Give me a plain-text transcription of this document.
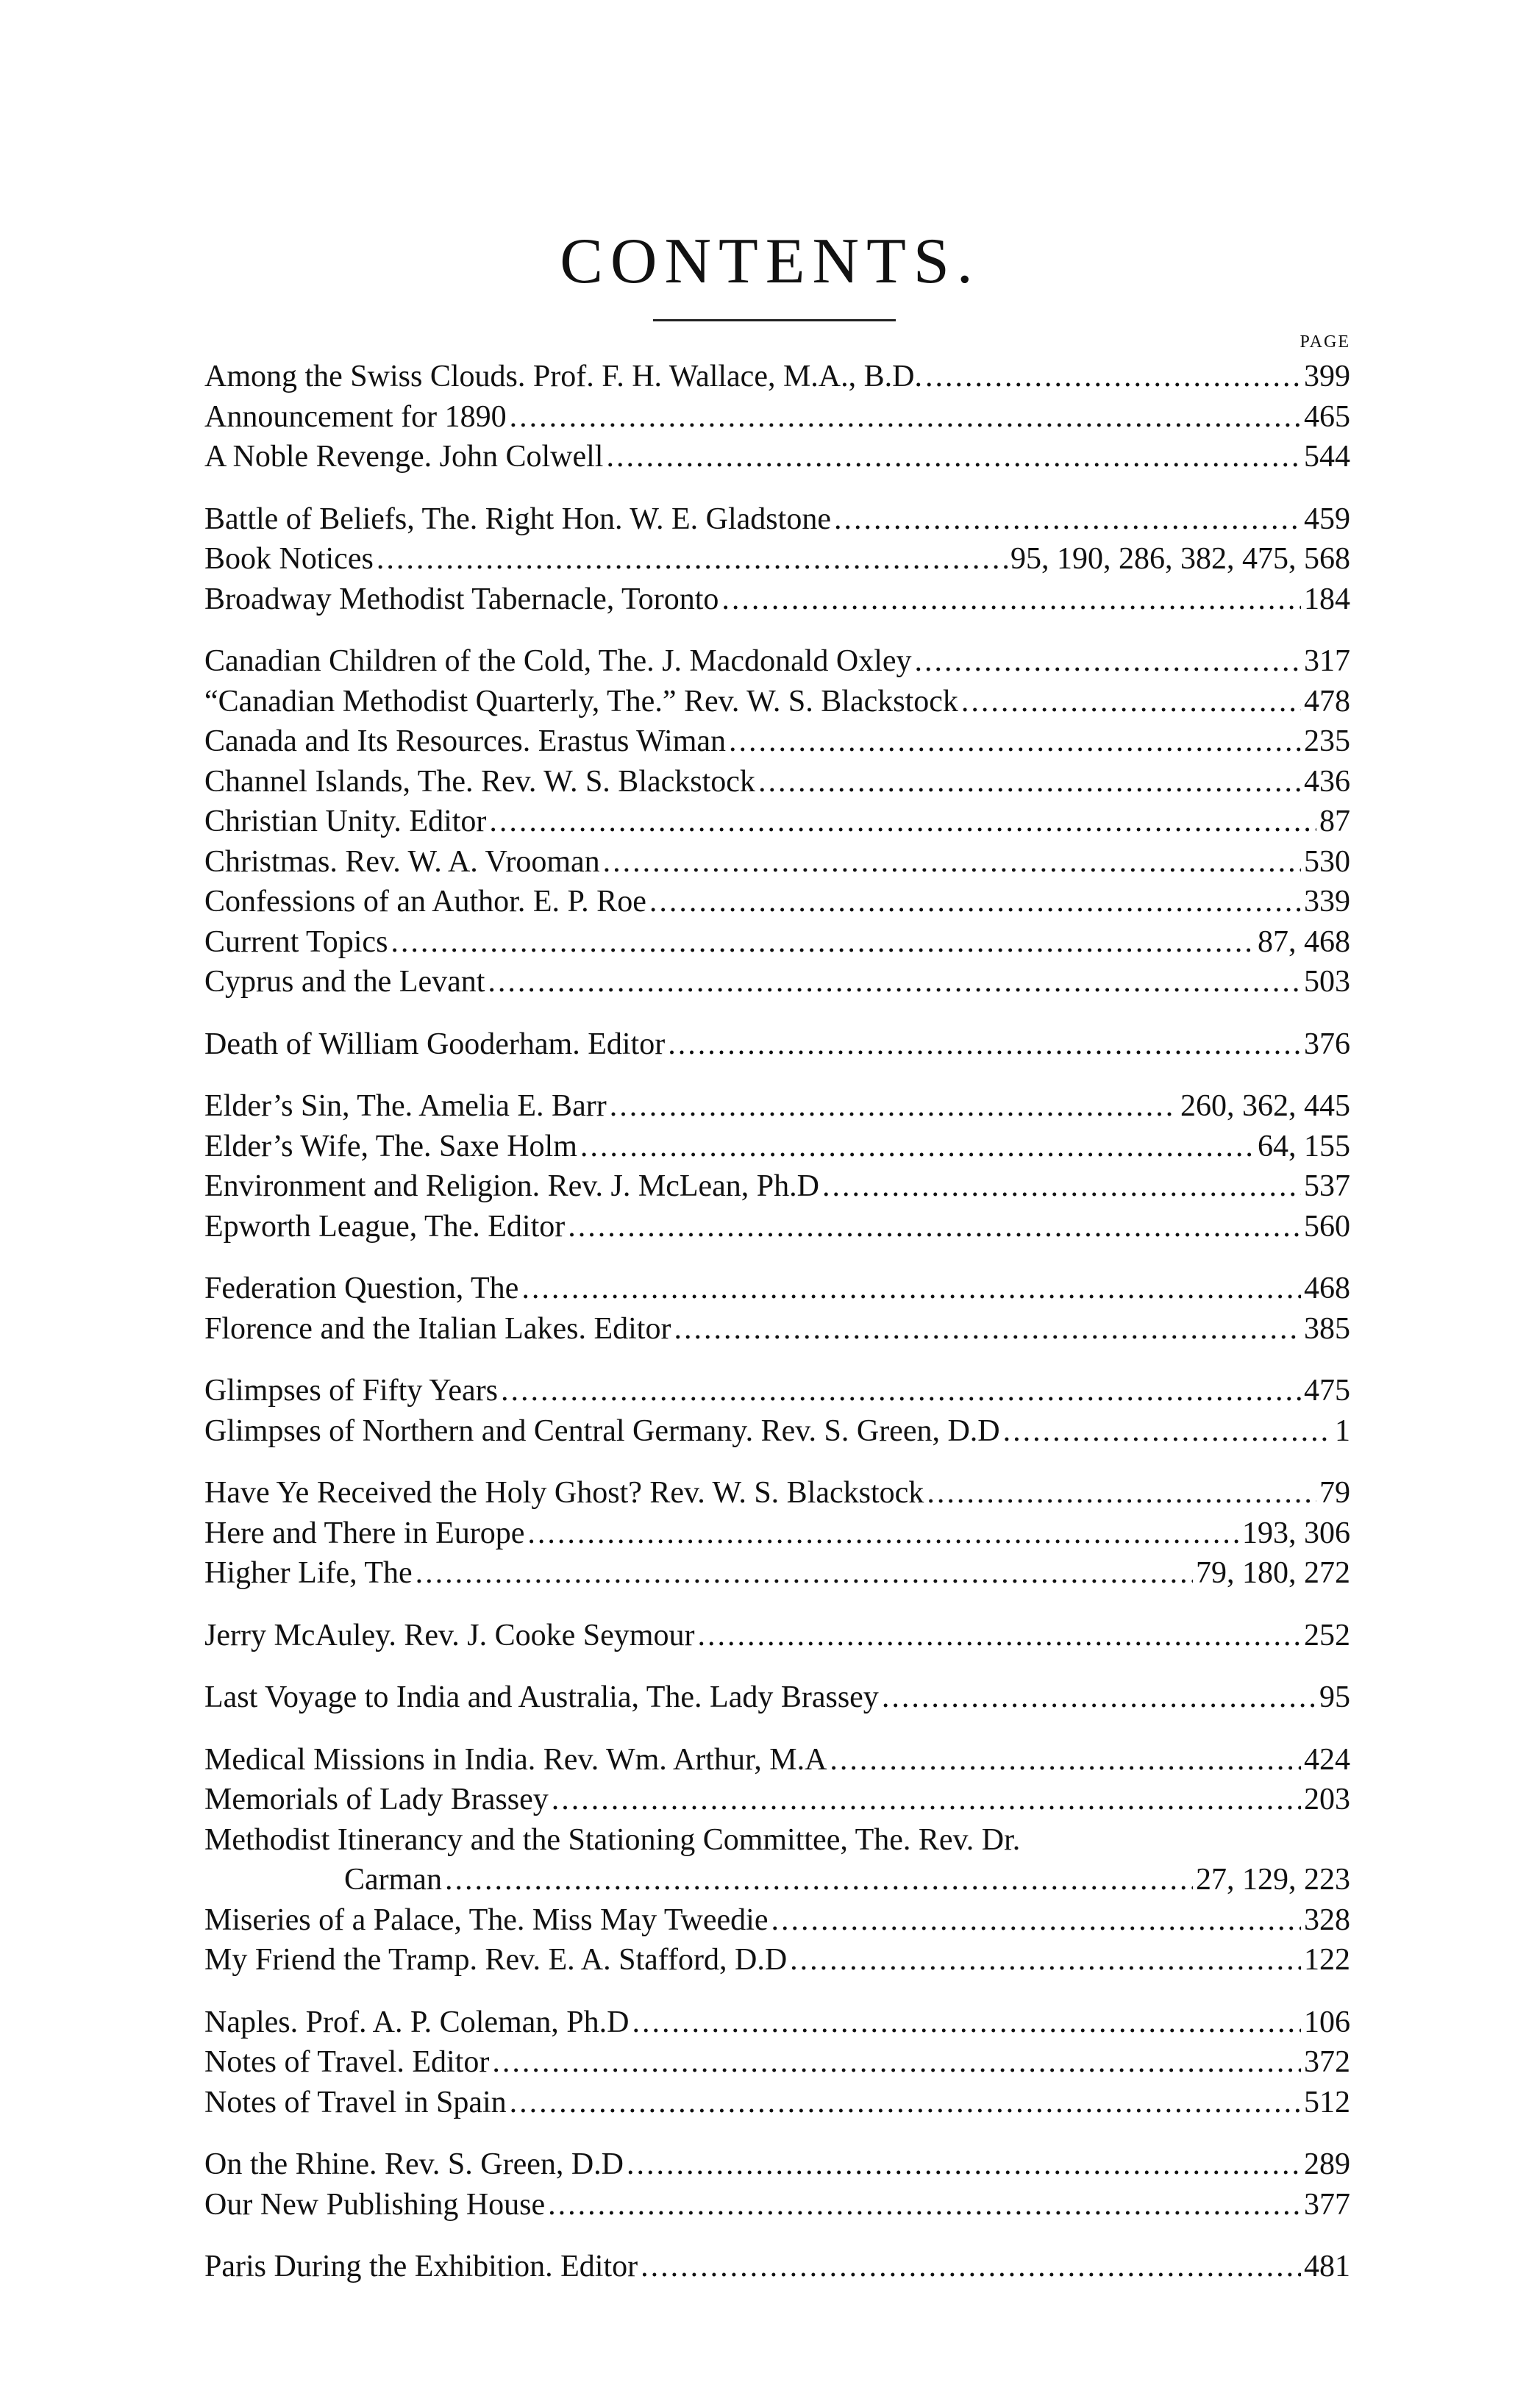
CONTENTS.
PAGE
Among the Swiss Clouds. Prof. F. H. Wallace, M.A., B.D. .....	399
Announcement for 1890 .....	465
A Noble Revenge. John Colwell .....	544
Battle of Beliefs, The. Right Hon. W. E. Gladstone .....	459
Book Notices .....	95, 190, 286, 382, 475, 568
Broadway Methodist Tabernacle, Toronto .....	184
Canadian Children of the Cold, The. J. Macdonald Oxley .....	317
“Canadian Methodist Quarterly, The.” Rev. W. S. Blackstock .....	478
Canada and Its Resources. Erastus Wiman .....	235
Channel Islands, The. Rev. W. S. Blackstock .....	436
Christian Unity. Editor .....	87
Christmas. Rev. W. A. Vrooman .....	530
Confessions of an Author. E. P. Roe .....	339
Current Topics .....	87, 468
Cyprus and the Levant .....	503
Death of William Gooderham. Editor .....	376
Elder’s Sin, The. Amelia E. Barr .....	260, 362, 445
Elder’s Wife, The. Saxe Holm .....	64, 155
Environment and Religion. Rev. J. McLean, Ph.D .....	537
Epworth League, The. Editor .....	560
Federation Question, The .....	468
Florence and the Italian Lakes. Editor .....	385
Glimpses of Fifty Years .....	475
Glimpses of Northern and Central Germany. Rev. S. Green, D.D .....	1
Have Ye Received the Holy Ghost? Rev. W. S. Blackstock .....	79
Here and There in Europe .....	193, 306
Higher Life, The .....	79, 180, 272
Jerry McAuley. Rev. J. Cooke Seymour .....	252
Last Voyage to India and Australia, The. Lady Brassey .....	95
Medical Missions in India. Rev. Wm. Arthur, M.A .....	424
Memorials of Lady Brassey .....	203
Methodist Itinerancy and the Stationing Committee, The. Rev. Dr.
Carman .....	27, 129, 223
Miseries of a Palace, The. Miss May Tweedie .....	328
My Friend the Tramp. Rev. E. A. Stafford, D.D .....	122
Naples. Prof. A. P. Coleman, Ph.D .....	106
Notes of Travel. Editor .....	372
Notes of Travel in Spain .....	512
On the Rhine. Rev. S. Green, D.D .....	289
Our New Publishing House .....	377
Paris During the Exhibition. Editor .....	481
